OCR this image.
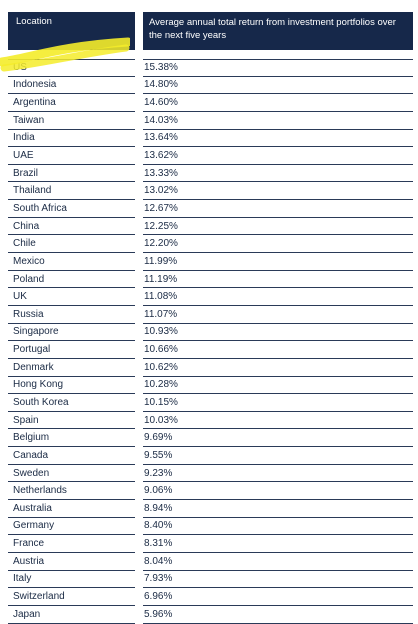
Location	Average annual total return from investment portfolios over the next five years
US	15.38%
Indonesia	14.80%
Argentina	14.60%
Taiwan	14.03%
India	13.64%
UAE	13.62%
Brazil	13.33%
Thailand	13.02%
South Africa	12.67%
China	12.25%
Chile	12.20%
Mexico	11.99%
Poland	11.19%
UK	11.08%
Russia	11.07%
Singapore	10.93%
Portugal	10.66%
Denmark	10.62%
Hong Kong	10.28%
South Korea	10.15%
Spain	10.03%
Belgium	9.69%
Canada	9.55%
Sweden	9.23%
Netherlands	9.06%
Australia	8.94%
Germany	8.40%
France	8.31%
Austria	8.04%
Italy	7.93%
Switzerland	6.96%
Japan	5.96%
